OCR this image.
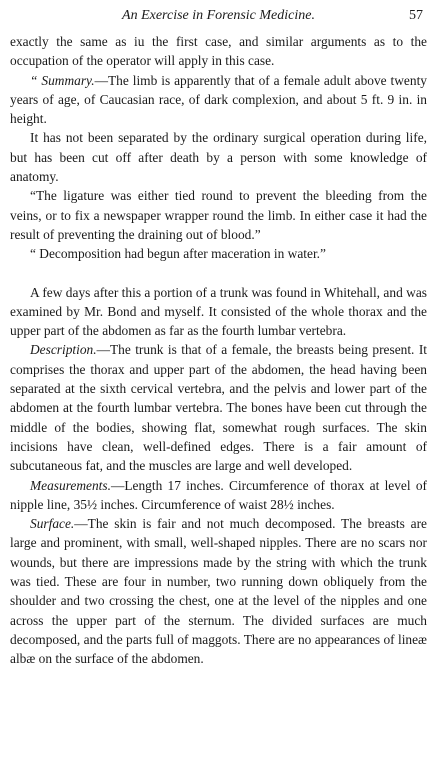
An Exercise in Forensic Medicine.	57

exactly the same as iu the first case, and similar arguments as to the occupation of the operator will apply in this case.

“ Summary.—The limb is apparently that of a female adult above twenty years of age, of Caucasian race, of dark complexion, and about 5 ft. 9 in. in height.

It has not been separated by the ordinary surgical operation during life, but has been cut off after death by a person with some knowledge of anatomy.

“The ligature was either tied round to prevent the bleeding from the veins, or to fix a newspaper wrapper round the limb. In either case it had the result of preventing the draining out of blood.”

“ Decomposition had begun after maceration in water.”

A few days after this a portion of a trunk was found in Whitehall, and was examined by Mr. Bond and myself. It consisted of the whole thorax and the upper part of the abdomen as far as the fourth lumbar vertebra.

Description.—The trunk is that of a female, the breasts being present. It comprises the thorax and upper part of the abdomen, the head having been separated at the sixth cervical vertebra, and the pelvis and lower part of the abdomen at the fourth lumbar vertebra. The bones have been cut through the middle of the bodies, showing flat, somewhat rough surfaces. The skin incisions have clean, well-defined edges. There is a fair amount of subcutaneous fat, and the muscles are large and well developed.

Measurements.—Length 17 inches. Circumference of thorax at level of nipple line, 35½ inches. Circumference of waist 28½ inches.

Surface.—The skin is fair and not much decomposed. The breasts are large and prominent, with small, well-shaped nipples. There are no scars nor wounds, but there are impressions made by the string with which the trunk was tied. These are four in number, two running down obliquely from the shoulder and two crossing the chest, one at the level of the nipples and one across the upper part of the sternum. The divided surfaces are much decomposed, and the parts full of maggots. There are no appearances of lineæ albæ on the surface of the abdomen.
